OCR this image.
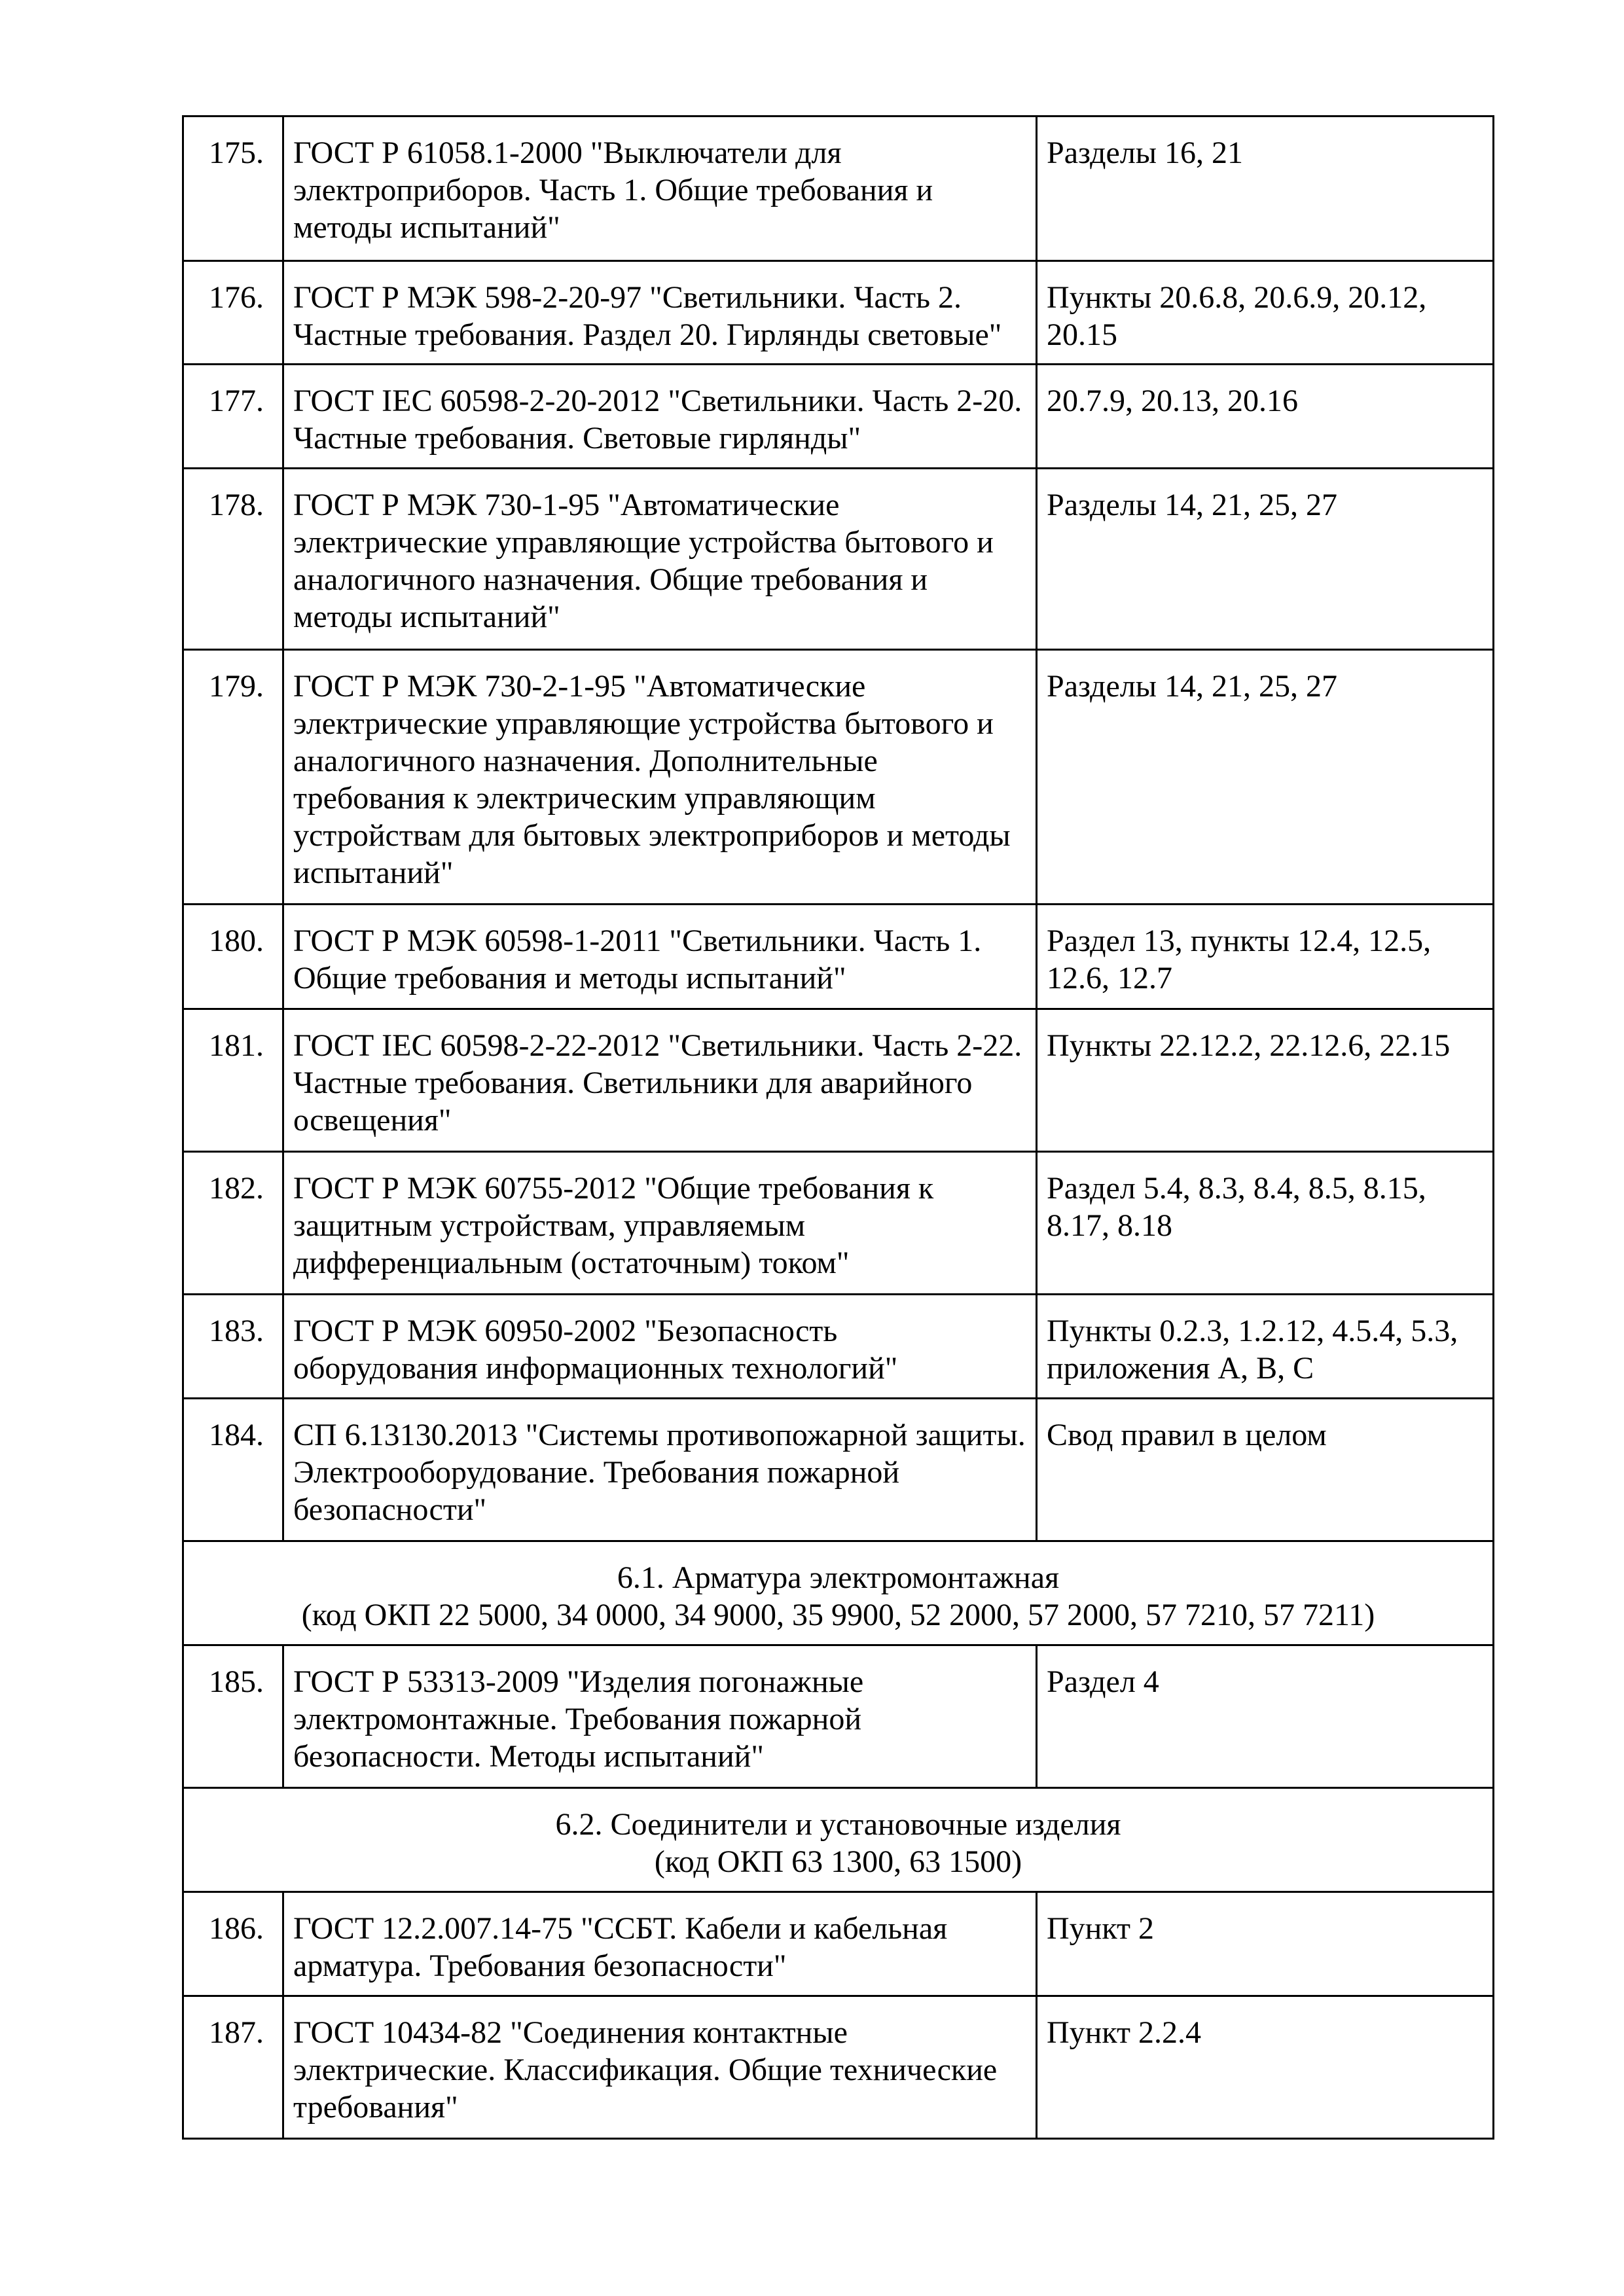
175.	ГОСТ Р 61058.1-2000 "Выключатели для электроприборов. Часть 1. Общие требования и методы испытаний"	Разделы 16, 21
176.	ГОСТ Р МЭК 598-2-20-97 "Светильники. Часть 2. Частные требования. Раздел 20. Гирлянды световые"	Пункты 20.6.8, 20.6.9, 20.12, 20.15
177.	ГОСТ IEC 60598-2-20-2012 "Светильники. Часть 2-20. Частные требования. Световые гирлянды"	20.7.9, 20.13, 20.16
178.	ГОСТ Р МЭК 730-1-95 "Автоматические электрические управляющие устройства бытового и аналогичного назначения. Общие требования и методы испытаний"	Разделы 14, 21, 25, 27
179.	ГОСТ Р МЭК 730-2-1-95 "Автоматические электрические управляющие устройства бытового и аналогичного назначения. Дополнительные требования к электрическим управляющим устройствам для бытовых электроприборов и методы испытаний"	Разделы 14, 21, 25, 27
180.	ГОСТ Р МЭК 60598-1-2011 "Светильники. Часть 1. Общие требования и методы испытаний"	Раздел 13, пункты 12.4, 12.5, 12.6, 12.7
181.	ГОСТ IEC 60598-2-22-2012 "Светильники. Часть 2-22. Частные требования. Светильники для аварийного освещения"	Пункты 22.12.2, 22.12.6, 22.15
182.	ГОСТ Р МЭК 60755-2012 "Общие требования к защитным устройствам, управляемым дифференциальным (остаточным) током"	Раздел 5.4, 8.3, 8.4, 8.5, 8.15, 8.17, 8.18
183.	ГОСТ Р МЭК 60950-2002 "Безопасность оборудования информационных технологий"	Пункты 0.2.3, 1.2.12, 4.5.4, 5.3, приложения A, B, C
184.	СП 6.13130.2013 "Системы противопожарной защиты. Электрооборудование. Требования пожарной безопасности"	Свод правил в целом

6.1. Арматура электромонтажная
(код ОКП 22 5000, 34 0000, 34 9000, 35 9900, 52 2000, 57 2000, 57 7210, 57 7211)		

185.	ГОСТ Р 53313-2009 "Изделия погонажные электромонтажные. Требования пожарной безопасности. Методы испытаний"	Раздел 4

6.2. Соединители и установочные изделия
(код ОКП 63 1300, 63 1500)		

186.	ГОСТ 12.2.007.14-75 "ССБТ. Кабели и кабельная арматура. Требования безопасности"	Пункт 2
187.	ГОСТ 10434-82 "Соединения контактные электрические. Классификация. Общие технические требования"	Пункт 2.2.4
